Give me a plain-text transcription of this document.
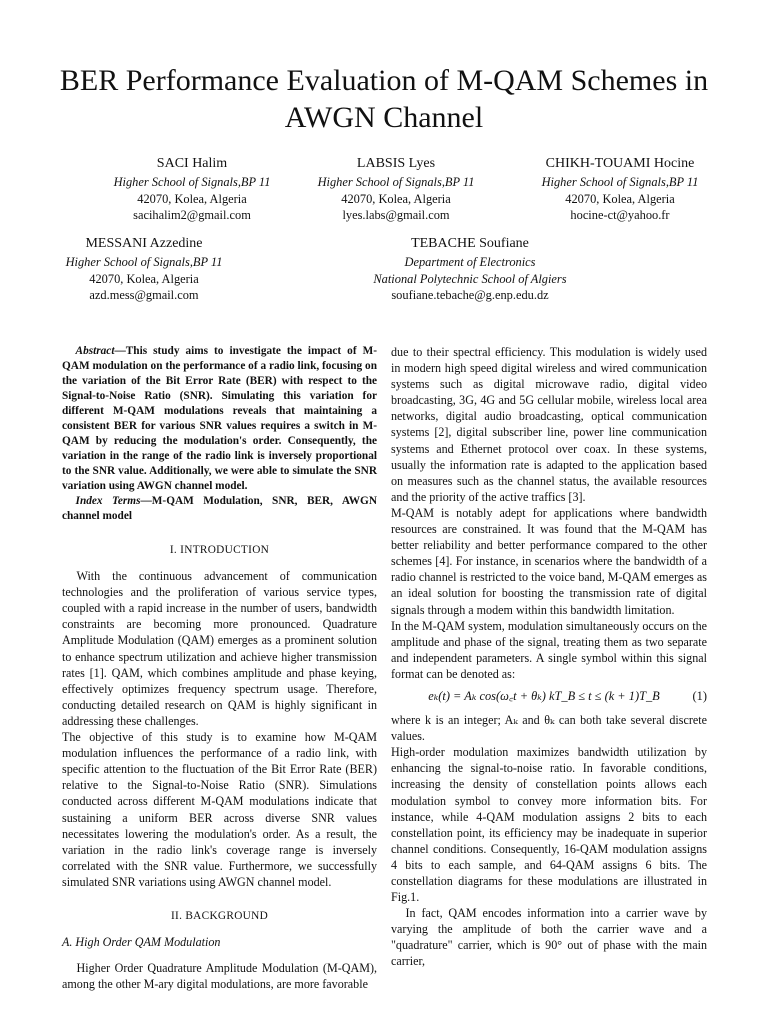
BER Performance Evaluation of M-QAM Schemes in AWGN Channel
SACI Halim
Higher School of Signals,BP 11
42070, Kolea, Algeria
sacihalim2@gmail.com
LABSIS Lyes
Higher School of Signals,BP 11
42070, Kolea, Algeria
lyes.labs@gmail.com
CHIKH-TOUAMI Hocine
Higher School of Signals,BP 11
42070, Kolea, Algeria
hocine-ct@yahoo.fr
MESSANI Azzedine
Higher School of Signals,BP 11
42070, Kolea, Algeria
azd.mess@gmail.com
TEBACHE Soufiane
Department of Electronics
National Polytechnic School of Algiers
soufiane.tebache@g.enp.edu.dz

Abstract—This study aims to investigate the impact of M-QAM modulation on the performance of a radio link, focusing on the variation of the Bit Error Rate (BER) with respect to the Signal-to-Noise Ratio (SNR). Simulating this variation for different M-QAM modulations reveals that maintaining a consistent BER for various SNR values requires a switch in M-QAM by reducing the modulation's order. Consequently, the variation in the range of the radio link is inversely proportional to the SNR value. Additionally, we were able to simulate the SNR variation using AWGN channel model.

Index Terms—M-QAM Modulation, SNR, BER, AWGN channel model

I. INTRODUCTION

With the continuous advancement of communication technologies and the proliferation of various service types, coupled with a rapid increase in the number of users, bandwidth constraints are becoming more pronounced. Quadrature Amplitude Modulation (QAM) emerges as a prominent solution to enhance spectrum utilization and achieve higher transmission rates [1]. QAM, which combines amplitude and phase keying, effectively optimizes frequency spectrum usage. Therefore, conducting detailed research on QAM is highly significant in addressing these challenges.

The objective of this study is to examine how M-QAM modulation influences the performance of a radio link, with specific attention to the fluctuation of the Bit Error Rate (BER) relative to the Signal-to-Noise Ratio (SNR). Simulations conducted across different M-QAM modulations indicate that sustaining a uniform BER across diverse SNR values necessitates lowering the modulation's order. As a result, the variation in the radio link's coverage range is inversely correlated with the SNR value. Furthermore, we successfully simulated SNR variations using AWGN channel model.

II. BACKGROUND
A. High Order QAM Modulation

Higher Order Quadrature Amplitude Modulation (M-QAM), among the other M-ary digital modulations, are more favorable

due to their spectral efficiency. This modulation is widely used in modern high speed digital wireless and wired communication systems such as digital microwave radio, digital video broadcasting, 3G, 4G and 5G cellular mobile, wireless local area networks, digital audio broadcasting, optical communication systems [2], digital subscriber line, power line communication systems and Ethernet protocol over coax. In these systems, usually the information rate is adapted to the application based on measures such as the channel status, the available resources and the priority of the active traffics [3].

M-QAM is notably adept for applications where bandwidth resources are constrained. It was found that the M-QAM has better reliability and better performance compared to the other schemes [4]. For instance, in scenarios where the bandwidth of a radio channel is restricted to the voice band, M-QAM emerges as an ideal solution for boosting the transmission rate of digital signals through a modem within this bandwidth limitation.

In the M-QAM system, modulation simultaneously occurs on the amplitude and phase of the signal, treating them as two separate and independent parameters. A single symbol within this signal format can be denoted as:

eₖ(t) = Aₖ cos(ω꜀t + θₖ) kT_B ≤ t ≤ (k + 1)T_B	(1)

where k is an integer; Aₖ and θₖ can both take several discrete values.

High-order modulation maximizes bandwidth utilization by enhancing the signal-to-noise ratio. In favorable conditions, increasing the density of constellation points allows each modulation symbol to convey more information bits. For instance, while 4-QAM modulation assigns 2 bits to each constellation point, its efficiency may be inadequate in superior channel conditions. Consequently, 16-QAM modulation assigns 4 bits to each sample, and 64-QAM assigns 6 bits. The constellation diagrams for these modulations are illustrated in Fig.1.

In fact, QAM encodes information into a carrier wave by varying the amplitude of both the carrier wave and a "quadrature" carrier, which is 90° out of phase with the main carrier,
